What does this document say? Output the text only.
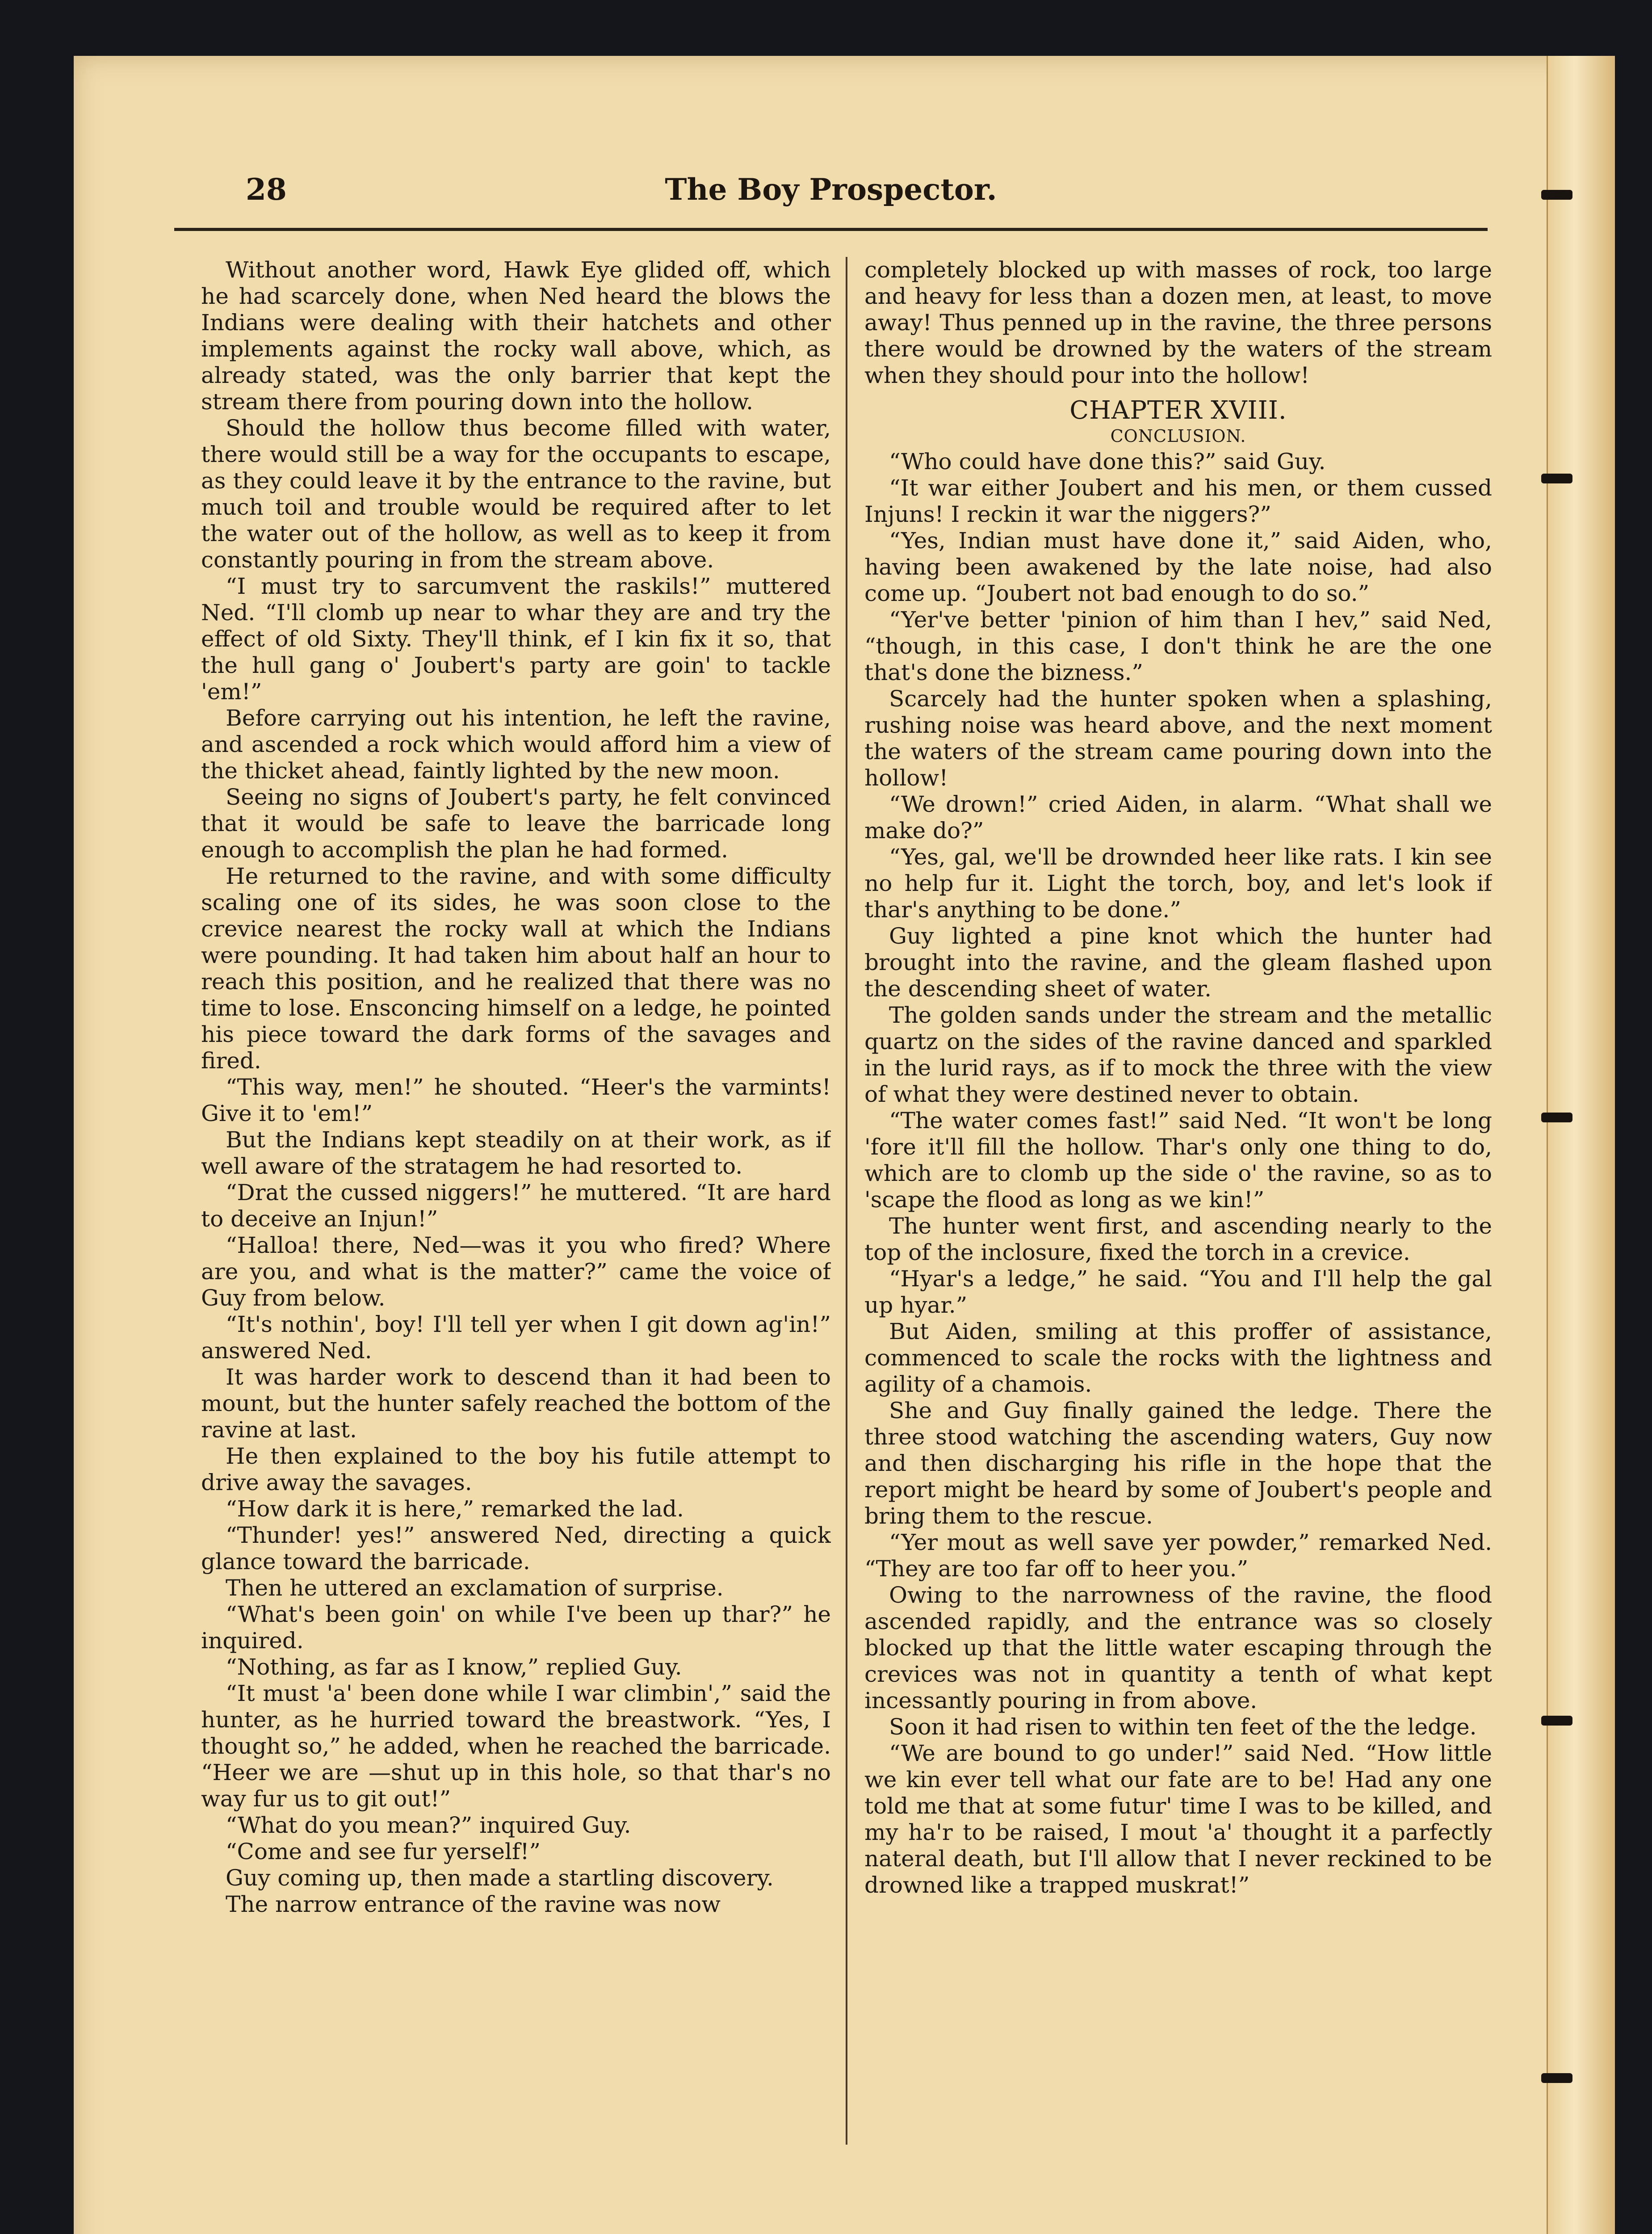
28	The Boy Prospector.

Without another word, Hawk Eye glided off, which he had scarcely done, when Ned heard the blows the Indians were dealing with their hatchets and other implements against the rocky wall above, which, as already stated, was the only barrier that kept the stream there from pouring down into the hollow.

Should the hollow thus become filled with water, there would still be a way for the occupants to escape, as they could leave it by the entrance to the ravine, but much toil and trouble would be required after to let the water out of the hollow, as well as to keep it from constantly pouring in from the stream above.

“I must try to sarcumvent the raskils!” muttered Ned. “I'll clomb up near to whar they are and try the effect of old Sixty. They'll think, ef I kin fix it so, that the hull gang o' Joubert's party are goin' to tackle 'em!”

Before carrying out his intention, he left the ravine, and ascended a rock which would afford him a view of the thicket ahead, faintly lighted by the new moon.

Seeing no signs of Joubert's party, he felt convinced that it would be safe to leave the barricade long enough to accomplish the plan he had formed.

He returned to the ravine, and with some difficulty scaling one of its sides, he was soon close to the crevice nearest the rocky wall at which the Indians were pounding. It had taken him about half an hour to reach this position, and he realized that there was no time to lose. Ensconcing himself on a ledge, he pointed his piece toward the dark forms of the savages and fired.

“This way, men!” he shouted. “Heer's the varmints! Give it to 'em!”

But the Indians kept steadily on at their work, as if well aware of the stratagem he had resorted to.

“Drat the cussed niggers!” he muttered. “It are hard to deceive an Injun!”

“Halloa! there, Ned—was it you who fired? Where are you, and what is the matter?” came the voice of Guy from below.

“It's nothin', boy! I'll tell yer when I git down ag'in!” answered Ned.

It was harder work to descend than it had been to mount, but the hunter safely reached the bottom of the ravine at last.

He then explained to the boy his futile attempt to drive away the savages.

“How dark it is here,” remarked the lad.

“Thunder! yes!” answered Ned, directing a quick glance toward the barricade.

Then he uttered an exclamation of surprise.

“What's been goin' on while I've been up thar?” he inquired.

“Nothing, as far as I know,” replied Guy.

“It must 'a' been done while I war climbin',” said the hunter, as he hurried toward the breastwork. “Yes, I thought so,” he added, when he reached the barricade. “Heer we are —shut up in this hole, so that thar's no way fur us to git out!”

“What do you mean?” inquired Guy.

“Come and see fur yerself!”

Guy coming up, then made a startling discovery.

The narrow entrance of the ravine was now

completely blocked up with masses of rock, too large and heavy for less than a dozen men, at least, to move away! Thus penned up in the ravine, the three persons there would be drowned by the waters of the stream when they should pour into the hollow!

CHAPTER XVIII.
CONCLUSION.

“Who could have done this?” said Guy.

“It war either Joubert and his men, or them cussed Injuns! I reckin it war the niggers?”

“Yes, Indian must have done it,” said Aiden, who, having been awakened by the late noise, had also come up. “Joubert not bad enough to do so.”

“Yer've better 'pinion of him than I hev,” said Ned, “though, in this case, I don't think he are the one that's done the bizness.”

Scarcely had the hunter spoken when a splashing, rushing noise was heard above, and the next moment the waters of the stream came pouring down into the hollow!

“We drown!” cried Aiden, in alarm. “What shall we make do?”

“Yes, gal, we'll be drownded heer like rats. I kin see no help fur it. Light the torch, boy, and let's look if thar's anything to be done.”

Guy lighted a pine knot which the hunter had brought into the ravine, and the gleam flashed upon the descending sheet of water.

The golden sands under the stream and the metallic quartz on the sides of the ravine danced and sparkled in the lurid rays, as if to mock the three with the view of what they were destined never to obtain.

“The water comes fast!” said Ned. “It won't be long 'fore it'll fill the hollow. Thar's only one thing to do, which are to clomb up the side o' the ravine, so as to 'scape the flood as long as we kin!”

The hunter went first, and ascending nearly to the top of the inclosure, fixed the torch in a crevice.

“Hyar's a ledge,” he said. “You and I'll help the gal up hyar.”

But Aiden, smiling at this proffer of assistance, commenced to scale the rocks with the lightness and agility of a chamois.

She and Guy finally gained the ledge. There the three stood watching the ascending waters, Guy now and then discharging his rifle in the hope that the report might be heard by some of Joubert's people and bring them to the rescue.

“Yer mout as well save yer powder,” remarked Ned. “They are too far off to heer you.”

Owing to the narrowness of the ravine, the flood ascended rapidly, and the entrance was so closely blocked up that the little water escaping through the crevices was not in quantity a tenth of what kept incessantly pouring in from above.

Soon it had risen to within ten feet of the the ledge.

“We are bound to go under!” said Ned. “How little we kin ever tell what our fate are to be! Had any one told me that at some futur' time I was to be killed, and my ha'r to be raised, I mout 'a' thought it a parfectly nateral death, but I'll allow that I never reckined to be drowned like a trapped muskrat!”
